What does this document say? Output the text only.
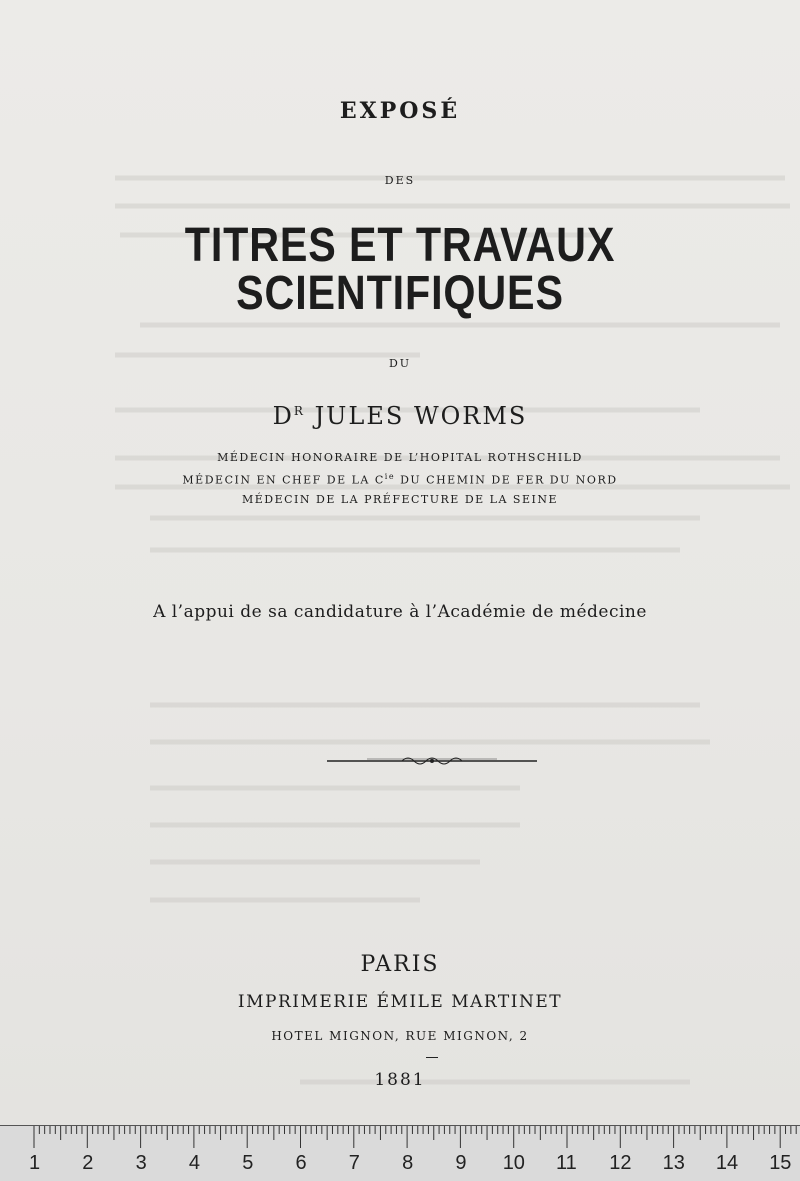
EXPOSÉ
DES
TITRES ET TRAVAUX SCIENTIFIQUES
DU
$D^R$ JULES WORMS
MÉDECIN HONORAIRE DE L’HOPITAL ROTHSCHILD
MÉDECIN EN CHEF DE LA $C^{ie}$ DU CHEMIN DE FER DU NORD
MÉDECIN DE LA PRÉFECTURE DE LA SEINE
A l’appui de sa candidature à l’Académie de médecine
PARIS
IMPRIMERIE ÉMILE MARTINET
HOTEL MIGNON, RUE MIGNON, 2
1881
1 2 3 4 5 6 7 8 9 10 11 12 13 14 15
